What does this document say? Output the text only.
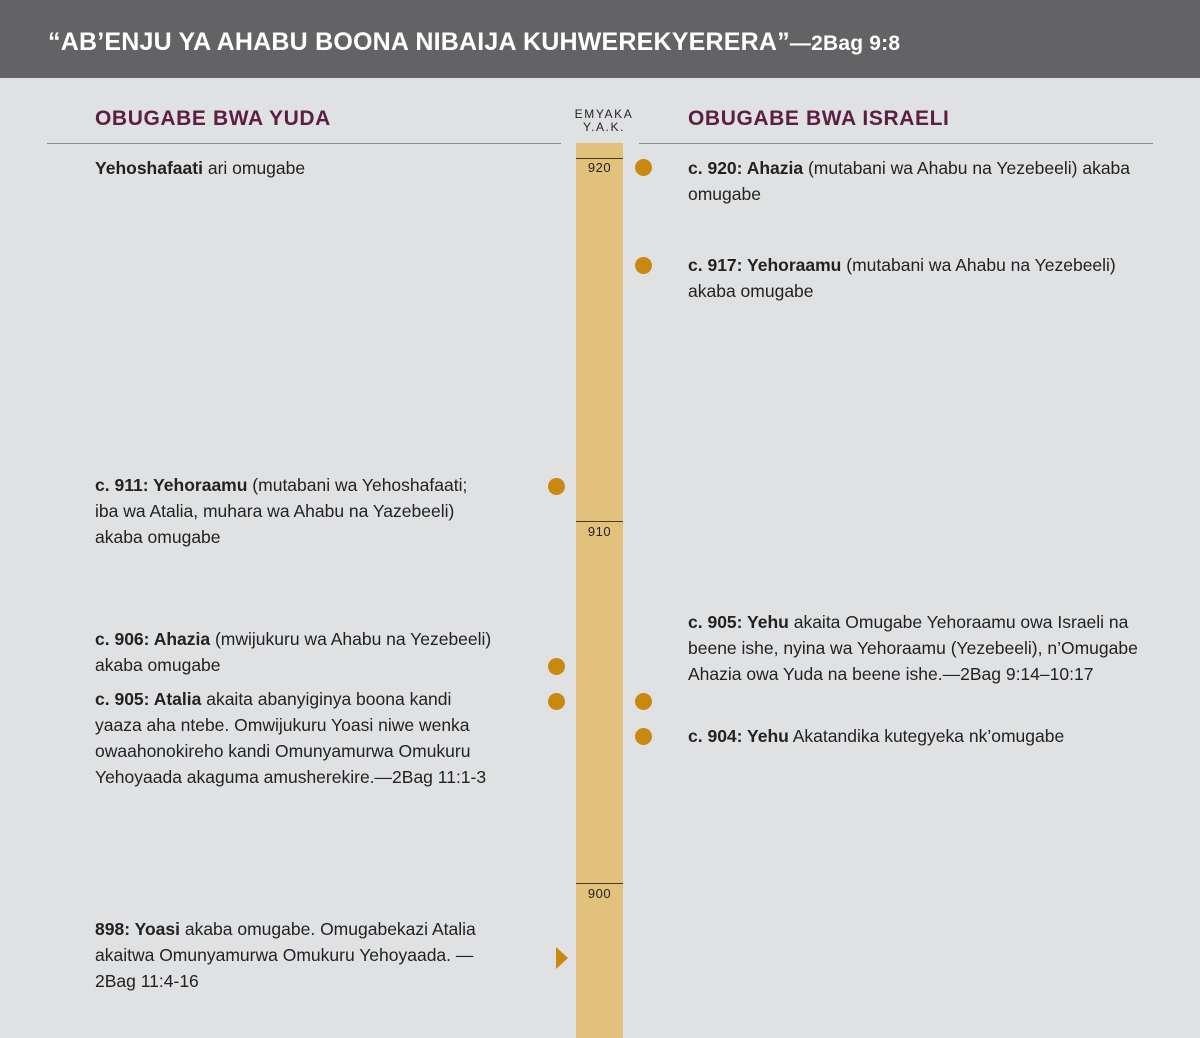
“AB’ENJU YA AHABU BOONA NIBAIJA KUHWEREKYERERA”—2Bag 9:8
OBUGABE BWA YUDA	OBUGABE BWA ISRAELI
EMYAKA
Y.A.K.
920
910
900
Yehoshafaati ari omugabe
c. 911: Yehoraamu (mutabani wa Yehoshafaati; iba wa Atalia, muhara wa Ahabu na Yazebeeli) akaba omugabe
c. 906: Ahazia (mwijukuru wa Ahabu na Yezebeeli) akaba omugabe
c. 905: Atalia akaita abanyiginya boona kandi yaaza aha ntebe. Omwijukuru Yoasi niwe wenka owaahonokireho kandi Omunyamurwa Omukuru Yehoyaada akaguma amusherekire.—2Bag 11:1-3
898: Yoasi akaba omugabe. Omugabekazi Atalia akaitwa Omunyamurwa Omukuru Yehoyaada. —2Bag 11:4-16
c. 920: Ahazia (mutabani wa Ahabu na Yezebeeli) akaba omugabe
c. 917: Yehoraamu (mutabani wa Ahabu na Yezebeeli) akaba omugabe
c. 905: Yehu akaita Omugabe Yehoraamu owa Israeli na beene ishe, nyina wa Yehoraamu (Yezebeeli), n’Omugabe Ahazia owa Yuda na beene ishe.—2Bag 9:14–10:17
c. 904: Yehu Akatandika kutegyeka nk’omugabe
